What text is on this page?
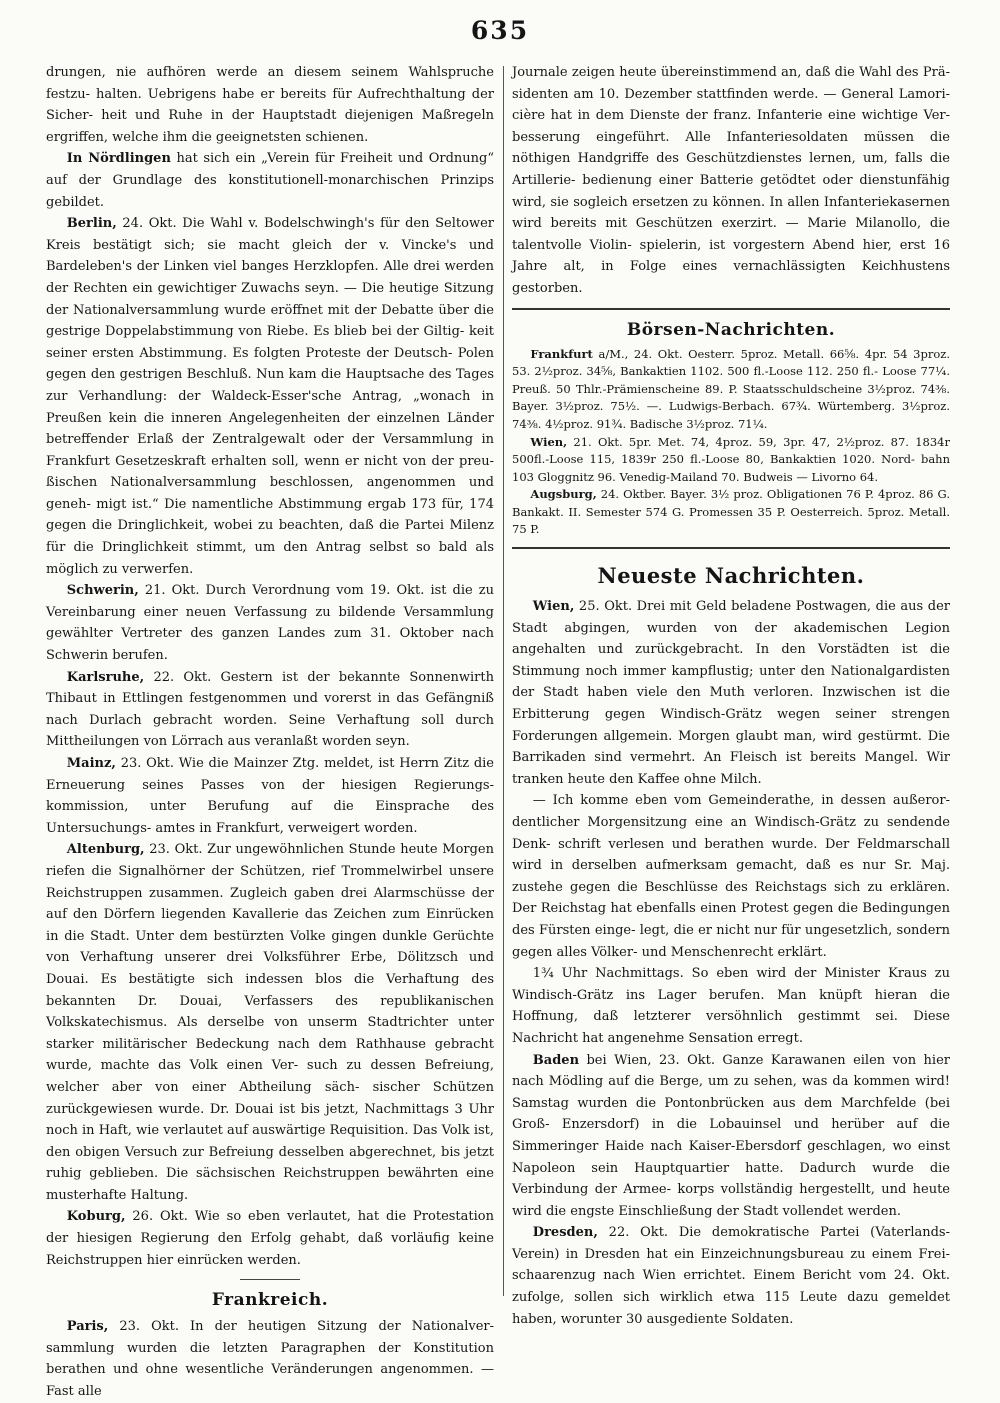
635

drungen, nie aufhören werde an diesem seinem Wahlspruche festzu- halten. Uebrigens habe er bereits für Aufrechthaltung der Sicher- heit und Ruhe in der Hauptstadt diejenigen Maßregeln ergriffen, welche ihm die geeignetsten schienen.

In Nördlingen hat sich ein „Verein für Freiheit und Ordnung“ auf der Grundlage des konstitutionell-monarchischen Prinzips gebildet.

Berlin, 24. Okt. Die Wahl v. Bodelschwingh's für den Seltower Kreis bestätigt sich; sie macht gleich der v. Vincke's und Bardeleben's der Linken viel banges Herzklopfen. Alle drei werden der Rechten ein gewichtiger Zuwachs seyn. — Die heutige Sitzung der Nationalversammlung wurde eröffnet mit der Debatte über die gestrige Doppelabstimmung von Riebe. Es blieb bei der Giltig- keit seiner ersten Abstimmung. Es folgten Proteste der Deutsch- Polen gegen den gestrigen Beschluß. Nun kam die Hauptsache des Tages zur Verhandlung: der Waldeck-Esser'sche Antrag, „wonach in Preußen kein die inneren Angelegenheiten der einzelnen Länder betreffender Erlaß der Zentralgewalt oder der Versammlung in Frankfurt Gesetzeskraft erhalten soll, wenn er nicht von der preu- ßischen Nationalversammlung beschlossen, angenommen und geneh- migt ist.“ Die namentliche Abstimmung ergab 173 für, 174 gegen die Dringlichkeit, wobei zu beachten, daß die Partei Milenz für die Dringlichkeit stimmt, um den Antrag selbst so bald als möglich zu verwerfen.

Schwerin, 21. Okt. Durch Verordnung vom 19. Okt. ist die zu Vereinbarung einer neuen Verfassung zu bildende Versammlung gewählter Vertreter des ganzen Landes zum 31. Oktober nach Schwerin berufen.

Karlsruhe, 22. Okt. Gestern ist der bekannte Sonnenwirth Thibaut in Ettlingen festgenommen und vorerst in das Gefängniß nach Durlach gebracht worden. Seine Verhaftung soll durch Mittheilungen von Lörrach aus veranlaßt worden seyn.

Mainz, 23. Okt. Wie die Mainzer Ztg. meldet, ist Herrn Zitz die Erneuerung seines Passes von der hiesigen Regierungs- kommission, unter Berufung auf die Einsprache des Untersuchungs- amtes in Frankfurt, verweigert worden.

Altenburg, 23. Okt. Zur ungewöhnlichen Stunde heute Morgen riefen die Signalhörner der Schützen, rief Trommelwirbel unsere Reichstruppen zusammen. Zugleich gaben drei Alarmschüsse der auf den Dörfern liegenden Kavallerie das Zeichen zum Einrücken in die Stadt. Unter dem bestürzten Volke gingen dunkle Gerüchte von Verhaftung unserer drei Volksführer Erbe, Dölitzsch und Douai. Es bestätigte sich indessen blos die Verhaftung des bekannten Dr. Douai, Verfassers des republikanischen Volkskatechismus. Als derselbe von unserm Stadtrichter unter starker militärischer Bedeckung nach dem Rathhause gebracht wurde, machte das Volk einen Ver- such zu dessen Befreiung, welcher aber von einer Abtheilung säch- sischer Schützen zurückgewiesen wurde. Dr. Douai ist bis jetzt, Nachmittags 3 Uhr noch in Haft, wie verlautet auf auswärtige Requisition. Das Volk ist, den obigen Versuch zur Befreiung desselben abgerechnet, bis jetzt ruhig geblieben. Die sächsischen Reichstruppen bewährten eine musterhafte Haltung.

Koburg, 26. Okt. Wie so eben verlautet, hat die Protestation der hiesigen Regierung den Erfolg gehabt, daß vorläufig keine Reichstruppen hier einrücken werden.

Frankreich.

Paris, 23. Okt. In der heutigen Sitzung der Nationalver- sammlung wurden die letzten Paragraphen der Konstitution berathen und ohne wesentliche Veränderungen angenommen. — Fast alle

Journale zeigen heute übereinstimmend an, daß die Wahl des Prä- sidenten am 10. Dezember stattfinden werde. — General Lamori- cière hat in dem Dienste der franz. Infanterie eine wichtige Ver- besserung eingeführt. Alle Infanteriesoldaten müssen die nöthigen Handgriffe des Geschützdienstes lernen, um, falls die Artillerie- bedienung einer Batterie getödtet oder dienstunfähig wird, sie sogleich ersetzen zu können. In allen Infanteriekasernen wird bereits mit Geschützen exerzirt. — Marie Milanollo, die talentvolle Violin- spielerin, ist vorgestern Abend hier, erst 16 Jahre alt, in Folge eines vernachlässigten Keichhustens gestorben.

Börsen-Nachrichten.

Frankfurt a/M., 24. Okt. Oesterr. 5proz. Metall. 66⅝. 4pr. 54 3proz. 53. 2½proz. 34⅝, Bankaktien 1102. 500 fl.-Loose 112. 250 fl.- Loose 77¼. Preuß. 50 Thlr.-Prämienscheine 89. P. Staatsschuldscheine 3½proz. 74⅜. Bayer. 3½proz. 75½. —. Ludwigs-Berbach. 67¾. Würtemberg. 3½proz. 74⅜. 4½proz. 91¾. Badische 3½proz. 71¼.

Wien, 21. Okt. 5pr. Met. 74, 4proz. 59, 3pr. 47, 2½proz. 87. 1834r 500fl.-Loose 115, 1839r 250 fl.-Loose 80, Bankaktien 1020. Nord- bahn 103 Gloggnitz 96. Venedig-Mailand 70. Budweis — Livorno 64.

Augsburg, 24. Oktber. Bayer. 3½ proz. Obligationen 76 P. 4proz. 86 G. Bankakt. II. Semester 574 G. Promessen 35 P. Oesterreich. 5proz. Metall. 75 P.

Neueste Nachrichten.

Wien, 25. Okt. Drei mit Geld beladene Postwagen, die aus der Stadt abgingen, wurden von der akademischen Legion angehalten und zurückgebracht. In den Vorstädten ist die Stimmung noch immer kampflustig; unter den Nationalgardisten der Stadt haben viele den Muth verloren. Inzwischen ist die Erbitterung gegen Windisch-Grätz wegen seiner strengen Forderungen allgemein. Morgen glaubt man, wird gestürmt. Die Barrikaden sind vermehrt. An Fleisch ist bereits Mangel. Wir tranken heute den Kaffee ohne Milch.

— Ich komme eben vom Gemeinderathe, in dessen außeror- dentlicher Morgensitzung eine an Windisch-Grätz zu sendende Denk- schrift verlesen und berathen wurde. Der Feldmarschall wird in derselben aufmerksam gemacht, daß es nur Sr. Maj. zustehe gegen die Beschlüsse des Reichstags sich zu erklären. Der Reichstag hat ebenfalls einen Protest gegen die Bedingungen des Fürsten einge- legt, die er nicht nur für ungesetzlich, sondern gegen alles Völker- und Menschenrecht erklärt.

1¾ Uhr Nachmittags. So eben wird der Minister Kraus zu Windisch-Grätz ins Lager berufen. Man knüpft hieran die Hoffnung, daß letzterer versöhnlich gestimmt sei. Diese Nachricht hat angenehme Sensation erregt.

Baden bei Wien, 23. Okt. Ganze Karawanen eilen von hier nach Mödling auf die Berge, um zu sehen, was da kommen wird! Samstag wurden die Pontonbrücken aus dem Marchfelde (bei Groß- Enzersdorf) in die Lobauinsel und herüber auf die Simmeringer Haide nach Kaiser-Ebersdorf geschlagen, wo einst Napoleon sein Hauptquartier hatte. Dadurch wurde die Verbindung der Armee- korps vollständig hergestellt, und heute wird die engste Einschließung der Stadt vollendet werden.

Dresden, 22. Okt. Die demokratische Partei (Vaterlands- Verein) in Dresden hat ein Einzeichnungsbureau zu einem Frei- schaarenzug nach Wien errichtet. Einem Bericht vom 24. Okt. zufolge, sollen sich wirklich etwa 115 Leute dazu gemeldet haben, worunter 30 ausgediente Soldaten.
